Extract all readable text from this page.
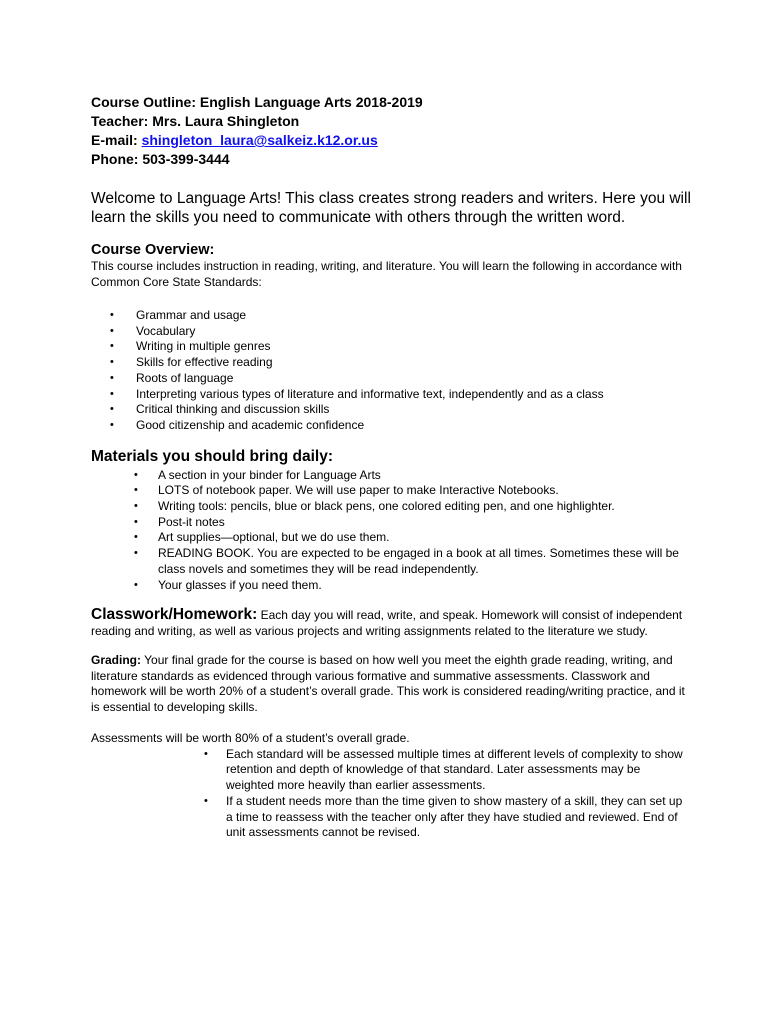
Course Outline: English Language Arts 2018-2019
Teacher: Mrs. Laura Shingleton
E-mail: shingleton_laura@salkeiz.k12.or.us
Phone: 503-399-3444
Welcome to Language Arts! This class creates strong readers and writers. Here you will learn the skills you need to communicate with others through the written word.
Course Overview:
This course includes instruction in reading, writing, and literature. You will learn the following in accordance with Common Core State Standards:
• Grammar and usage
• Vocabulary
• Writing in multiple genres
• Skills for effective reading
• Roots of language
• Interpreting various types of literature and informative text, independently and as a class
• Critical thinking and discussion skills
• Good citizenship and academic confidence
Materials you should bring daily:
• A section in your binder for Language Arts
• LOTS of notebook paper. We will use paper to make Interactive Notebooks.
• Writing tools: pencils, blue or black pens, one colored editing pen, and one highlighter.
• Post-it notes
• Art supplies—optional, but we do use them.
• READING BOOK. You are expected to be engaged in a book at all times. Sometimes these will be class novels and sometimes they will be read independently.
• Your glasses if you need them.
Classwork/Homework: Each day you will read, write, and speak. Homework will consist of independent reading and writing, as well as various projects and writing assignments related to the literature we study.
Grading: Your final grade for the course is based on how well you meet the eighth grade reading, writing, and literature standards as evidenced through various formative and summative assessments. Classwork and homework will be worth 20% of a student’s overall grade. This work is considered reading/writing practice, and it is essential to developing skills.
Assessments will be worth 80% of a student’s overall grade.
• Each standard will be assessed multiple times at different levels of complexity to show retention and depth of knowledge of that standard. Later assessments may be weighted more heavily than earlier assessments.
• If a student needs more than the time given to show mastery of a skill, they can set up a time to reassess with the teacher only after they have studied and reviewed. End of unit assessments cannot be revised.
